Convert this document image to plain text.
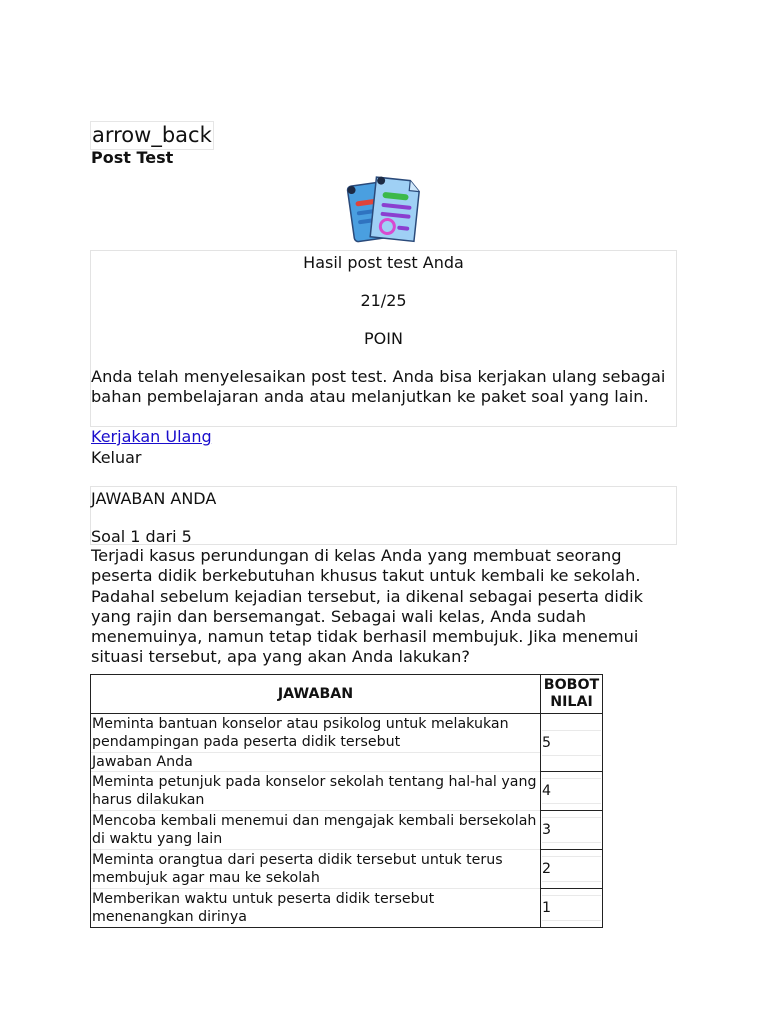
arrow_back
Post Test
Hasil post test Anda
21/25
POIN
Anda telah menyelesaikan post test. Anda bisa kerjakan ulang sebagai bahan pembelajaran anda atau melanjutkan ke paket soal yang lain.
Kerjakan Ulang
Keluar
JAWABAN ANDA
Soal 1 dari 5
Terjadi kasus perundungan di kelas Anda yang membuat seorang peserta didik berkebutuhan khusus takut untuk kembali ke sekolah. Padahal sebelum kejadian tersebut, ia dikenal sebagai peserta didik yang rajin dan bersemangat. Sebagai wali kelas, Anda sudah menemuinya, namun tetap tidak berhasil membujuk. Jika menemui situasi tersebut, apa yang akan Anda lakukan?
JAWABAN	BOBOT NILAI
Meminta bantuan konselor atau psikolog untuk melakukan pendampingan pada peserta didik tersebut	5

Jawaban Anda	
Meminta petunjuk pada konselor sekolah tentang hal-hal yang harus dilakukan	4

Mencoba kembali menemui dan mengajak kembali bersekolah di waktu yang lain	3

Meminta orangtua dari peserta didik tersebut untuk terus membujuk agar mau ke sekolah	2

Memberikan waktu untuk peserta didik tersebut menenangkan dirinya	1
